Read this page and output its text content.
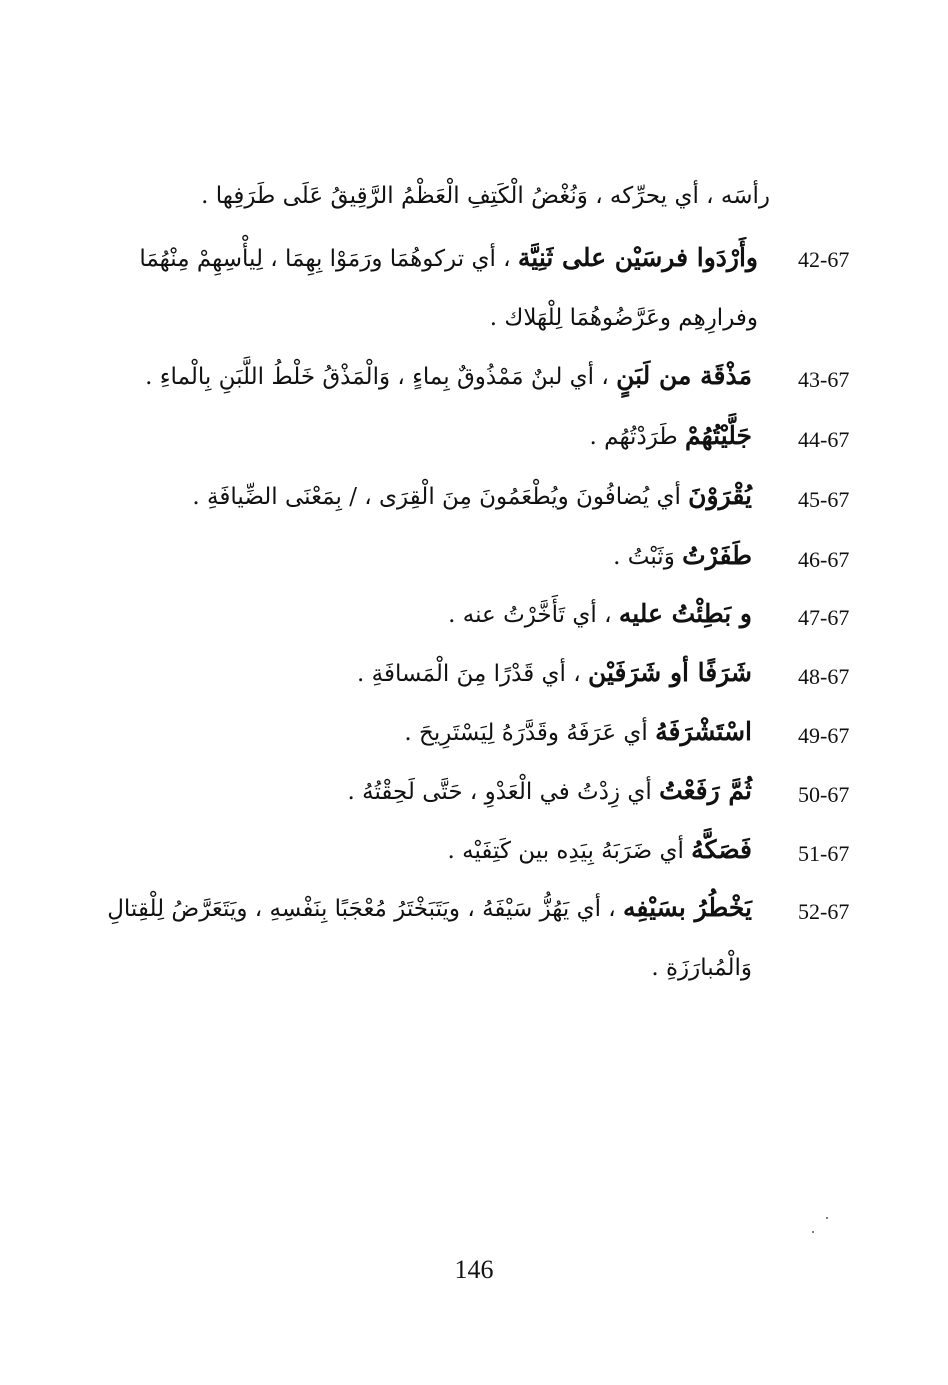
رأسَه ، أي يحرِّكه ، وَنُغْضُ الْكَتِفِ الْعَظْمُ الرَّقِيقُ عَلَى طَرَفِها .
42-67
وأَرْدَوا فرسَيْن على ثَنِيَّة ، أي تركوهُمَا ورَمَوْا بِهِمَا ، لِيأْسِهِمْ مِنْهُمَا
وفرارِهِم وعَرَّضُوهُمَا لِلْهَلاك .
43-67
مَذْقَة من لَبَنٍ ، أي لبنٌ مَمْذُوقٌ بِماءٍ ، وَالْمَذْقُ خَلْطُ اللَّبَنِ بِالْماءِ .
44-67
جَلَّيْتُهُمْ طَرَدْتُهُم .
45-67
يُقْرَوْنَ أي يُضافُونَ ويُطْعَمُونَ مِنَ الْقِرَى ، / بِمَعْنَى الضِّيافَةِ .
46-67
طَفَرْتُ وَثَبْتُ .
47-67
و بَطِئْتُ عليه ، أي تَأَخَّرْتُ عنه .
48-67
شَرَفًا أو شَرَفَيْن ، أي قَدْرًا مِنَ الْمَسافَةِ .
49-67
اسْتَشْرَفَهُ أي عَرَفَهُ وقَدَّرَهُ لِيَسْتَرِيحَ .
50-67
ثُمَّ رَفَعْتُ أي زِدْتُ في الْعَدْوِ ، حَتَّى لَحِقْتُهُ .
51-67
فَصَكَّهُ أي ضَرَبَهُ بِيَدِه بين كَتِفَيْه .
52-67
يَخْطُرُ بسَيْفِه ، أي يَهُزُّ سَيْفَهُ ، ويَتَبَخْتَرُ مُعْجَبًا بِنَفْسِهِ ، ويَتَعَرَّضُ لِلْقِتالِ
وَالْمُبارَزَةِ .
146
